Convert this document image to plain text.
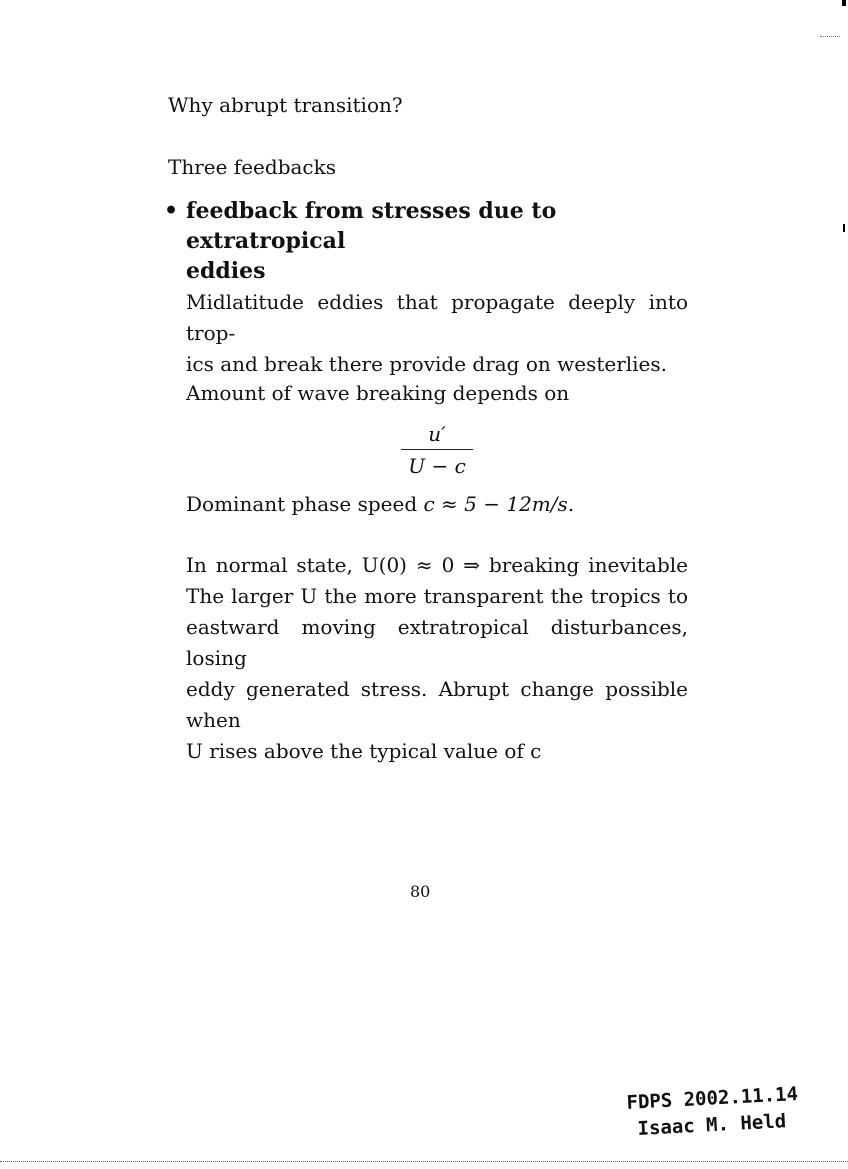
Why abrupt transition?
Three feedbacks
• feedback from stresses due to extratropical
eddies
Midlatitude eddies that propagate deeply into trop-
ics and break there provide drag on westerlies.
Amount of wave breaking depends on
u′
U − c
Dominant phase speed c ≈ 5 − 12m/s.
In normal state, U(0) ≈ 0 ⇒ breaking inevitable
The larger U the more transparent the tropics to
eastward moving extratropical disturbances, losing
eddy generated stress. Abrupt change possible when
U rises above the typical value of c
80
FDPS 2002.11.14
Isaac M. Held
